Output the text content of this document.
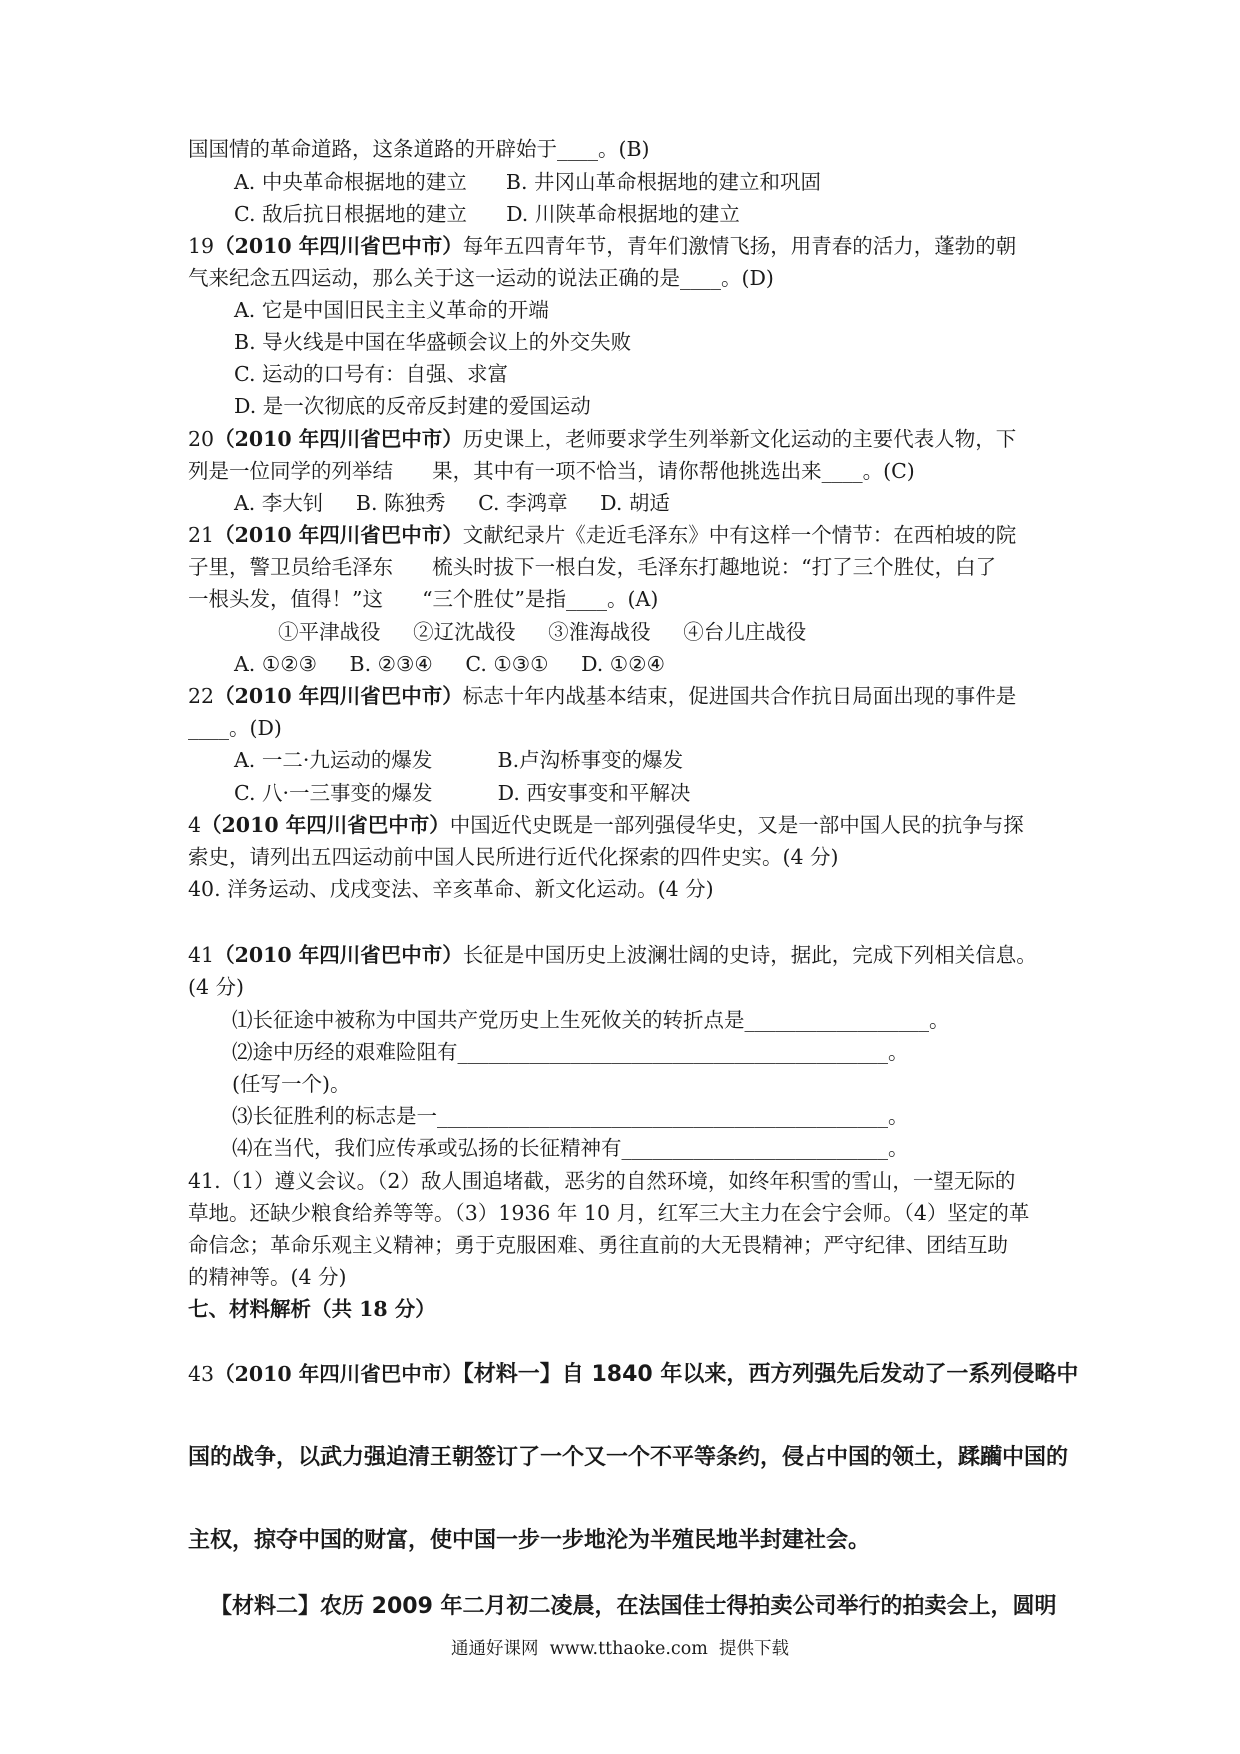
国国情的革命道路，这条道路的开辟始于____。(B)
A. 中央革命根据地的建立      B. 井冈山革命根据地的建立和巩固
C. 敌后抗日根据地的建立      D. 川陕革命根据地的建立
19（2010 年四川省巴中市）每年五四青年节，青年们激情飞扬，用青春的活力，蓬勃的朝
气来纪念五四运动，那么关于这一运动的说法正确的是____。(D)
A. 它是中国旧民主主义革命的开端
B. 导火线是中国在华盛顿会议上的外交失败
C. 运动的口号有：自强、求富
D. 是一次彻底的反帝反封建的爱国运动
20（2010 年四川省巴中市）历史课上，老师要求学生列举新文化运动的主要代表人物，下
列是一位同学的列举结      果，其中有一项不恰当，请你帮他挑选出来____。(C)
A. 李大钊     B. 陈独秀     C. 李鸿章     D. 胡适
21（2010 年四川省巴中市）文献纪录片《走近毛泽东》中有这样一个情节：在西柏坡的院
子里，警卫员给毛泽东      梳头时拔下一根白发，毛泽东打趣地说：“打了三个胜仗，白了
一根头发，值得！”这      “三个胜仗”是指____。(A)
①平津战役     ②辽沈战役     ③淮海战役     ④台儿庄战役
A. ①②③     B. ②③④     C. ①③①     D. ①②④
22（2010 年四川省巴中市）标志十年内战基本结束，促进国共合作抗日局面出现的事件是
____。(D)
A. 一二·九运动的爆发          B.卢沟桥事变的爆发
C. 八·一三事变的爆发          D. 西安事变和平解决
4（2010 年四川省巴中市）中国近代史既是一部列强侵华史，又是一部中国人民的抗争与探
索史，请列出五四运动前中国人民所进行近代化探索的四件史实。(4 分)
40. 洋务运动、戊戌变法、辛亥革命、新文化运动。(4 分)
41（2010 年四川省巴中市）长征是中国历史上波澜壮阔的史诗，据此，完成下列相关信息。
(4 分)
⑴长征途中被称为中国共产党历史上生死攸关的转折点是__________________。
⑵途中历经的艰难险阻有__________________________________________。
(任写一个)。
⑶长征胜利的标志是一____________________________________________。
⑷在当代，我们应传承或弘扬的长征精神有__________________________。
41.（1）遵义会议。（2）敌人围追堵截，恶劣的自然环境，如终年积雪的雪山，一望无际的
草地。还缺少粮食给养等等。（3）1936 年 10 月，红军三大主力在会宁会师。（4）坚定的革
命信念；革命乐观主义精神；勇于克服困难、勇往直前的大无畏精神；严守纪律、团结互助
的精神等。(4 分)
七、材料解析（共 18 分）
43（2010 年四川省巴中市）【材料一】自 1840 年以来，西方列强先后发动了一系列侵略中
国的战争，以武力强迫清王朝签订了一个又一个不平等条约，侵占中国的领土，蹂躏中国的
主权，掠夺中国的财富，使中国一步一步地沦为半殖民地半封建社会。
【材料二】农历 2009 年二月初二凌晨，在法国佳士得拍卖公司举行的拍卖会上，圆明
通通好课网  www.tthaoke.com  提供下载
